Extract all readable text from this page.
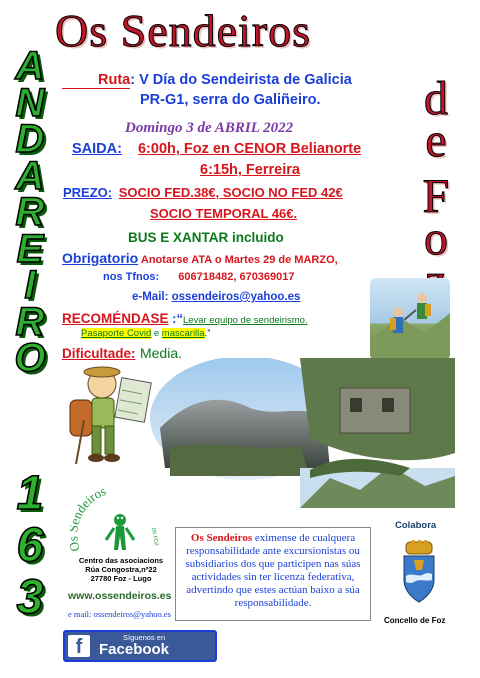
Os Sendeiros
A
N
D
A
R
E
I
R
O
1
6
3
d
e
F
o
Ruta: V Día do Sendeirista de Galicia
PR-G1, serra do Galiñeiro.
Domingo 3 de ABRIL 2022
SAIDA: 6:00h, Foz en CENOR Belianorte
6:15h, Ferreira
PREZO: SOCIO FED.38€, SOCIO NO FED 42€
SOCIO TEMPORAL 46€.
BUS E XANTAR incluido
Obrigatorio Anotarse ATA o Martes 29 de MARZO,
nos Tfnos: 606718482, 670369017
e-Mail: ossendeiros@yahoo.es
RECOMÉNDASE :“Levar equipo de sendeirismo.
Pasaporte Covid e mascarilla.”
Dificultade: Media.
ndeiros
DE FOZ
Centro das asociacions
Rúa Congostra,nº22
27780 Foz - Lugo
www.ossendeiros.es
e mail: ossendeiros@yahoo.es
Os Sendeiros eximense de cualquera responsabilidade ante excursionistas ou subsidiarios dos que participen nas súas actividades sin ter licenza federativa, advertindo que estes actúan baixo a súa responsabilidade.
Colabora
Concello de Foz
f	Síguenos en
Facebook
